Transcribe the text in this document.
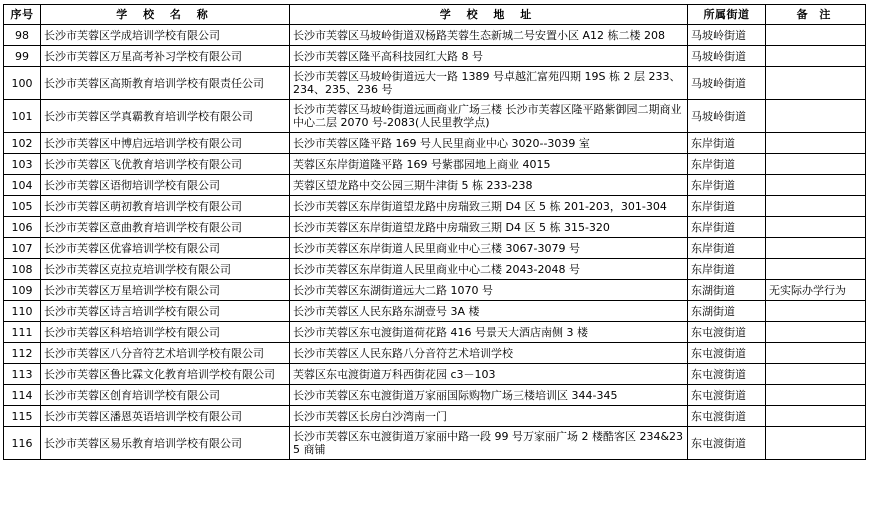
序号	学 校 名 称	学 校 地 址	所属街道	备 注
98	长沙市芙蓉区学成培训学校有限公司	长沙市芙蓉区马坡岭街道双杨路芙蓉生态新城二号安置小区 A12 栋二楼 208	马坡岭街道	
99	长沙市芙蓉区万星高考补习学校有限公司	长沙市芙蓉区隆平高科技园红大路 8 号	马坡岭街道	
100	长沙市芙蓉区高斯教育培训学校有限责任公司	长沙市芙蓉区马坡岭街道远大一路 1389 号卓越汇富苑四期 19S 栋 2 层 233、234、235、236 号	马坡岭街道	
101	长沙市芙蓉区学真霸教育培训学校有限公司	长沙市芙蓉区马坡岭街道远画商业广场三楼 长沙市芙蓉区隆平路紫御园二期商业中心二层 2070 号-2083(人民里教学点)	马坡岭街道	
102	长沙市芙蓉区中博启远培训学校有限公司	长沙市芙蓉区隆平路 169 号人民里商业中心 3020--3039 室	东岸街道	
103	长沙市芙蓉区飞优教育培训学校有限公司	芙蓉区东岸街道隆平路 169 号紫郡园地上商业 4015	东岸街道	
104	长沙市芙蓉区语彻培训学校有限公司	芙蓉区望龙路中交公园三期牛津街 5 栋 233-238	东岸街道	
105	长沙市芙蓉区萌初教育培训学校有限公司	长沙市芙蓉区东岸街道望龙路中房瑞致三期 D4 区 5 栋 201-203，301-304	东岸街道	
106	长沙市芙蓉区意曲教育培训学校有限公司	长沙市芙蓉区东岸街道望龙路中房瑞致三期 D4 区 5 栋 315-320	东岸街道	
107	长沙市芙蓉区优睿培训学校有限公司	长沙市芙蓉区东岸街道人民里商业中心三楼 3067-3079 号	东岸街道	
108	长沙市芙蓉区克拉克培训学校有限公司	长沙市芙蓉区东岸街道人民里商业中心二楼 2043-2048 号	东岸街道	
109	长沙市芙蓉区万星培训学校有限公司	长沙市芙蓉区东湖街道远大二路 1070 号	东湖街道	无实际办学行为
110	长沙市芙蓉区诗言培训学校有限公司	长沙市芙蓉区人民东路东湖壹号 3A 楼	东湖街道	
111	长沙市芙蓉区科培培训学校有限公司	长沙市芙蓉区东屯渡街道荷花路 416 号景天大酒店南侧 3 楼	东屯渡街道	
112	长沙市芙蓉区八分音符艺术培训学校有限公司	长沙市芙蓉区人民东路八分音符艺术培训学校	东屯渡街道	
113	长沙市芙蓉区鲁比霖文化教育培训学校有限公司	芙蓉区东屯渡街道万科西街花园 c3－103	东屯渡街道	
114	长沙市芙蓉区创育培训学校有限公司	长沙市芙蓉区东屯渡街道万家丽国际购物广场三楼培训区 344-345	东屯渡街道	
115	长沙市芙蓉区潘恩英语培训学校有限公司	长沙市芙蓉区长房白沙湾南一门	东屯渡街道	
116	长沙市芙蓉区易乐教育培训学校有限公司	长沙市芙蓉区东屯渡街道万家丽中路一段 99 号万家丽广场 2 楼酷客区 234&235 商铺	东屯渡街道	
